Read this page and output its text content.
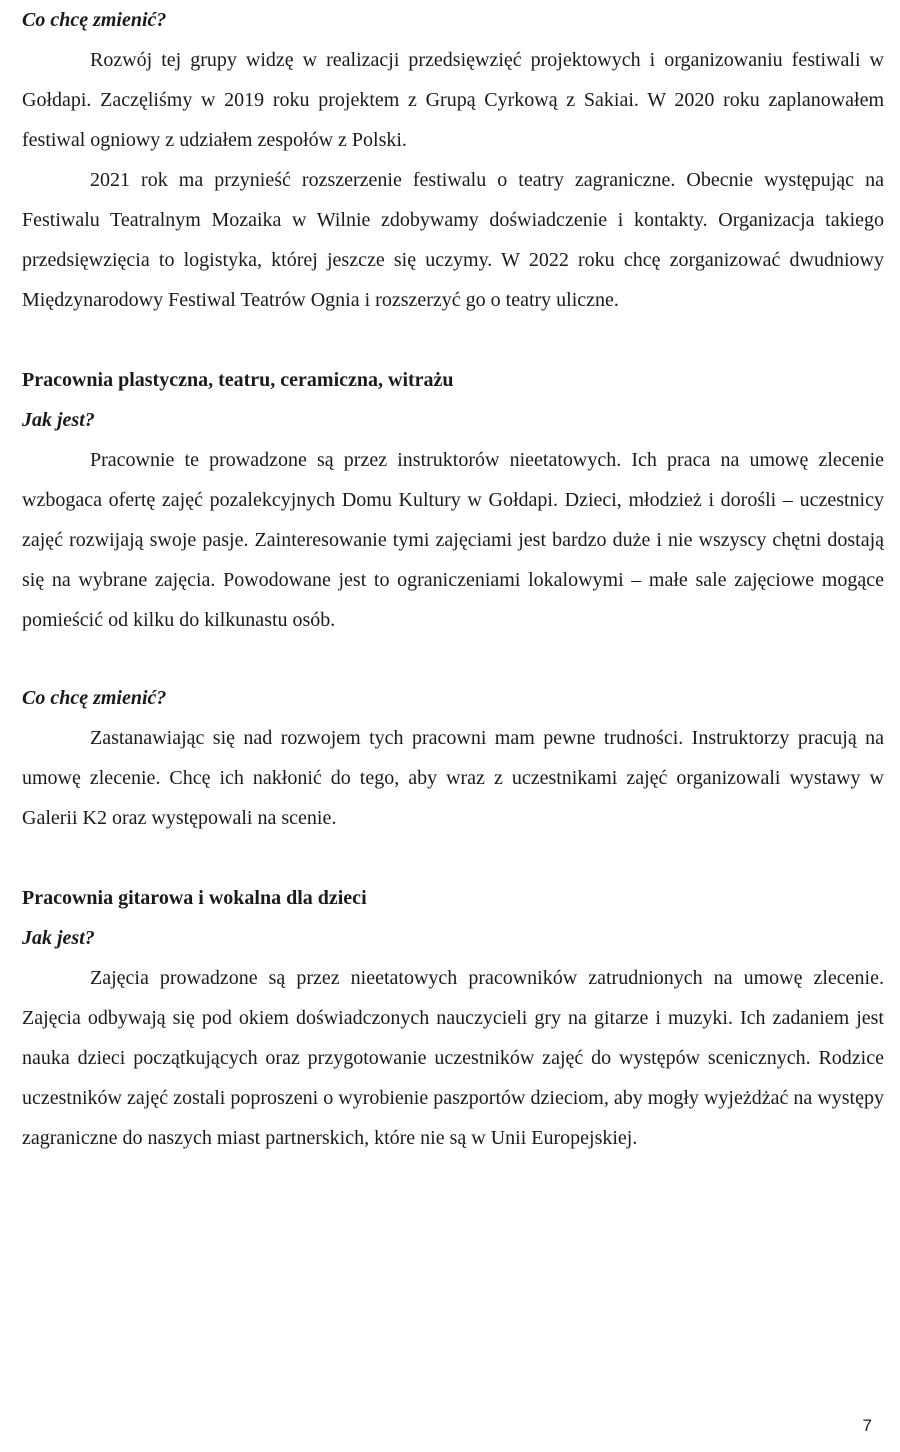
Co chcę zmienić?

Rozwój tej grupy widzę w realizacji przedsięwzięć projektowych i organizowaniu festiwali w Gołdapi. Zaczęliśmy w 2019 roku projektem z Grupą Cyrkową z Sakiai. W 2020 roku zaplanowałem festiwal ogniowy z udziałem zespołów z Polski.

2021 rok ma przynieść rozszerzenie festiwalu o teatry zagraniczne. Obecnie występując na Festiwalu Teatralnym Mozaika w Wilnie zdobywamy doświadczenie i kontakty. Organizacja takiego przedsięwzięcia to logistyka, której jeszcze się uczymy. W 2022 roku chcę zorganizować dwudniowy Międzynarodowy Festiwal Teatrów Ognia i rozszerzyć go o teatry uliczne.

Pracownia plastyczna, teatru, ceramiczna, witrażu

Jak jest?

Pracownie te prowadzone są przez instruktorów nieetatowych. Ich praca na umowę zlecenie wzbogaca ofertę zajęć pozalekcyjnych Domu Kultury w Gołdapi. Dzieci, młodzież i dorośli – uczestnicy zajęć rozwijają swoje pasje. Zainteresowanie tymi zajęciami jest bardzo duże i nie wszyscy chętni dostają się na wybrane zajęcia. Powodowane jest to ograniczeniami lokalowymi – małe sale zajęciowe mogące pomieścić od kilku do kilkunastu osób.

Co chcę zmienić?

Zastanawiając się nad rozwojem tych pracowni mam pewne trudności. Instruktorzy pracują na umowę zlecenie. Chcę ich nakłonić do tego, aby wraz z uczestnikami zajęć organizowali wystawy w Galerii K2 oraz występowali na scenie.

Pracownia gitarowa i wokalna dla dzieci

Jak jest?

Zajęcia prowadzone są przez nieetatowych pracowników zatrudnionych na umowę zlecenie. Zajęcia odbywają się pod okiem doświadczonych nauczycieli gry na gitarze i muzyki. Ich zadaniem jest nauka dzieci początkujących oraz przygotowanie uczestników zajęć do występów scenicznych. Rodzice uczestników zajęć zostali poproszeni o wyrobienie paszportów dzieciom, aby mogły wyjeżdżać na występy zagraniczne do naszych miast partnerskich, które nie są w Unii Europejskiej.

7
